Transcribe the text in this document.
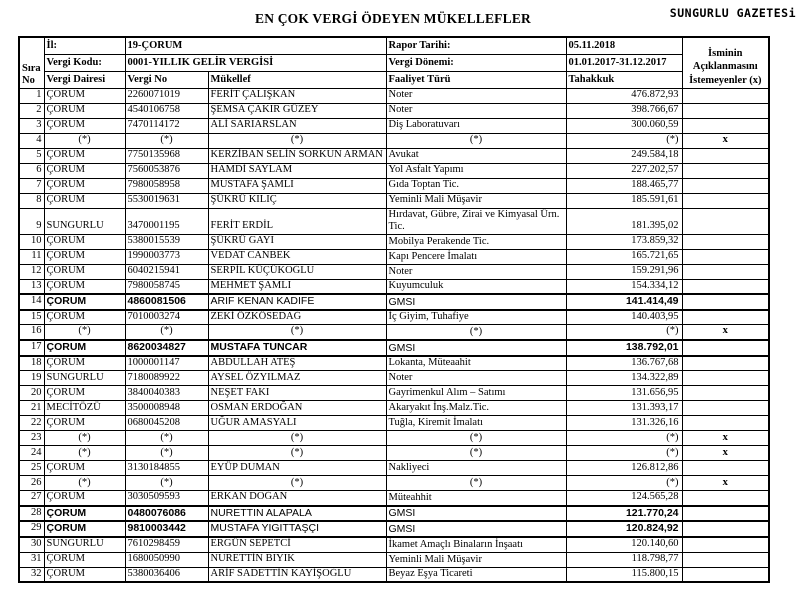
SUNGURLU GAZETESi
EN ÇOK VERGİ ÖDEYEN MÜKELLEFLER
Sıra No	İl:	19-ÇORUM		Rapor Tarihi:	05.11.2018	İsminin Açıklanmasını İstemeyenler (x)
	Vergi Kodu:	0001-YILLIK GELİR VERGİSİ		Vergi Dönemi:	01.01.2017-31.12.2017	
	Vergi Dairesi	Vergi No	Mükellef	Faaliyet Türü	Tahakkuk	
1	ÇORUM	2260071019	FERİT ÇALIŞKAN	Noter	476.872,93	
2	ÇORUM	4540106758	ŞEMSA ÇAKIR GÜZEY	Noter	398.766,67	
3	ÇORUM	7470114172	ALİ SARIARSLAN	Diş Laboratuvarı	300.060,59	
4	(*)	(*)	(*)	(*)	(*)	x
5	ÇORUM	7750135968	KERZİBAN SELİN SORKUN ARMAN	Avukat	249.584,18	
6	ÇORUM	7560053876	HAMDİ SAYLAM	Yol Asfalt Yapımı	227.202,57	
7	ÇORUM	7980058958	MUSTAFA ŞAMLI	Gıda Toptan Tic.	188.465,77	
8	ÇORUM	5530019631	ŞÜKRÜ KILIÇ	Yeminli Mali Müşavir	185.591,61	
9	SUNGURLU	3470001195	FERİT ERDİL	Hırdavat, Gübre, Zirai ve Kimyasal Ürn. Tic.	181.395,02	
10	ÇORUM	5380015539	ŞÜKRÜ GAYI	Mobilya Perakende Tic.	173.859,32	
11	ÇORUM	1990003773	VEDAT CANBEK	Kapı Pencere İmalatı	165.721,65	
12	ÇORUM	6040215941	SERPİL KÜÇÜKOĞLU	Noter	159.291,96	
13	ÇORUM	7980058745	MEHMET ŞAMLI	Kuyumculuk	154.334,12	
14	ÇORUM	4860081506	ARIF KENAN KADIFE	GMSI	141.414,49	
15	ÇORUM	7010003274	ZEKİ ÖZKÖSEDAĞ	İç Giyim, Tuhafiye	140.403,95	
16	(*)	(*)	(*)	(*)	(*)	x
17	ÇORUM	8620034827	MUSTAFA TUNCAR	GMSI	138.792,01	
18	ÇORUM	1000001147	ABDULLAH ATEŞ	Lokanta, Müteaahit	136.767,68	
19	SUNGURLU	7180089922	AYSEL ÖZYILMAZ	Noter	134.322,89	
20	ÇORUM	3840040383	NEŞET FAKI	Gayrimenkul Alım – Satımı	131.656,95	
21	MECİTÖZÜ	3500008948	OSMAN ERDOĞAN	Akaryakıt İnş.Malz.Tic.	131.393,17	
22	ÇORUM	0680045208	UĞUR AMASYALI	Tuğla, Kiremit İmalatı	131.326,16	
23	(*)	(*)	(*)	(*)	(*)	x
24	(*)	(*)	(*)	(*)	(*)	x
25	ÇORUM	3130184855	EYÜP DUMAN	Nakliyeci	126.812,86	
26	(*)	(*)	(*)	(*)	(*)	x
27	ÇORUM	3030509593	ERKAN DOĞAN	Müteahhit	124.565,28	
28	ÇORUM	0480076086	NURETTIN ALAPALA	GMSI	121.770,24	
29	ÇORUM	9810003442	MUSTAFA YIGITTAŞÇI	GMSI	120.824,92	
30	SUNGURLU	7610298459	ERGÜN SEPETCİ	İkamet Amaçlı Binaların İnşaatı	120.140,60	
31	ÇORUM	1680050990	NURETTİN BIYIK	Yeminli Mali Müşavir	118.798,77	
32	ÇORUM	5380036406	ARİF SADETTİN KAYİŞOĞLU	Beyaz Eşya Ticareti	115.800,15	
